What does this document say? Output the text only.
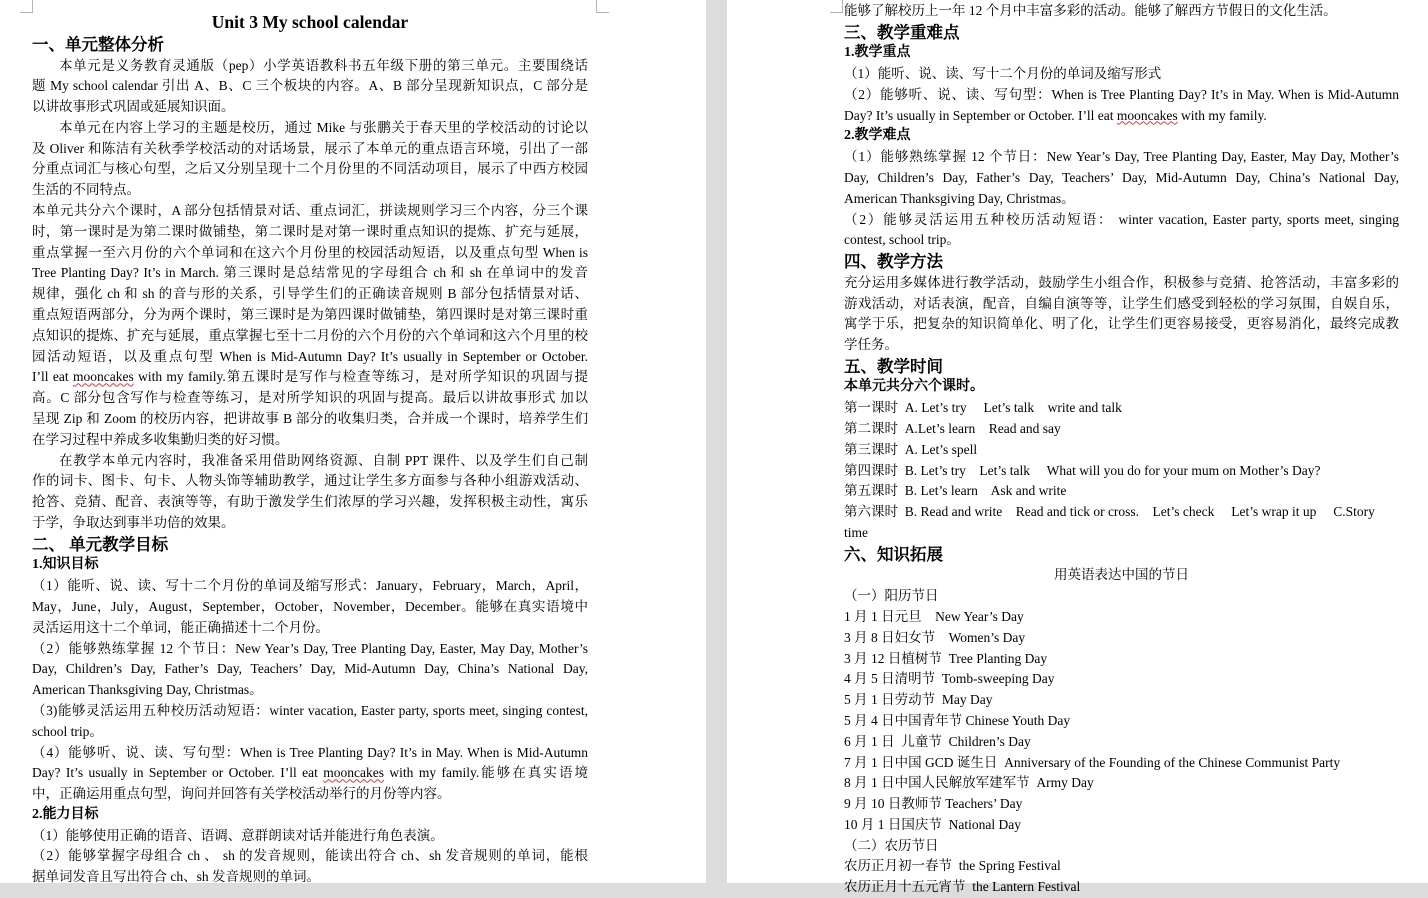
Unit 3 My school calendar
一、单元整体分析
本单元是义务教育灵通版（pep）小学英语教科书五年级下册的第三单元。主要围绕话
题 My school calendar 引出 A、B、C 三个板块的内容。A、B 部分呈现新知识点，C 部分是
以讲故事形式巩固或延展知识面。
本单元在内容上学习的主题是校历，通过 Mike 与张鹏关于春天里的学校活动的讨论以
及 Oliver 和陈洁有关秋季学校活动的对话场景，展示了本单元的重点语言环境，引出了一部
分重点词汇与核心句型，之后又分别呈现十二个月份里的不同活动项目，展示了中西方校园
生活的不同特点。
本单元共分六个课时，A 部分包括情景对话、重点词汇，拼读规则学习三个内容，分三个课
时，第一课时是为第二课时做铺垫，第二课时是对第一课时重点知识的提炼、扩充与延展，
重点掌握一至六月份的六个单词和在这六个月份里的校园活动短语，以及重点句型 When is
Tree Planting Day? It’s in March. 第三课时是总结常见的字母组合 ch 和 sh 在单词中的发音
规律，强化 ch 和 sh 的音与形的关系，引导学生们的正确读音规则 B 部分包括情景对话、
重点短语两部分，分为两个课时，第三课时是为第四课时做铺垫，第四课时是对第三课时重
点知识的提炼、扩充与延展，重点掌握七至十二月份的六个月份的六个单词和这六个月里的校
园活动短语，以及重点句型 When is Mid-Autumn Day? It’s usually in September or October.
I’ll eat mooncakes with my family.第五课时是写作与检查等练习，是对所学知识的巩固与提
高。C 部分包含写作与检查等练习，是对所学知识的巩固与提高。最后以讲故事形式 加以
呈现 Zip 和 Zoom 的校历内容，把讲故事 B 部分的收集归类，合并成一个课时，培养学生们
在学习过程中养成多收集勤归类的好习惯。
在教学本单元内容时，我准备采用借助网络资源、自制 PPT 课件、以及学生们自己制
作的词卡、图卡、句卡、人物头饰等辅助教学，通过让学生多方面参与各种小组游戏活动、
抢答、竞猜、配音、表演等等，有助于激发学生们浓厚的学习兴趣，发挥积极主动性，寓乐
于学，争取达到事半功倍的效果。
二、 单元教学目标
1.知识目标
（1）能听、说、读、写十二个月份的单词及缩写形式：January，February，March，April，
May，June，July，August，September，October，November，December。能够在真实语境中
灵活运用这十二个单词，能正确描述十二个月份。
（2）能够熟练掌握 12 个节日：New Year’s Day, Tree Planting Day, Easter, May Day, Mother’s
Day, Children’s Day, Father’s Day, Teachers’ Day, Mid-Autumn Day, China’s National Day,
American Thanksgiving Day, Christmas。
（3)能够灵活运用五种校历活动短语：winter vacation, Easter party, sports meet, singing contest,
school trip。
（4）能够听、说、读、写句型：When is Tree Planting Day? It’s in May. When is Mid-Autumn
Day? It’s usually in September or October. I’ll eat mooncakes with my family.能够在真实语境
中，正确运用重点句型，询问并回答有关学校活动举行的月份等内容。
2.能力目标
（1）能够使用正确的语音、语调、意群朗读对话并能进行角色表演。
（2）能够掌握字母组合 ch 、 sh 的发音规则，能读出符合 ch、sh 发音规则的单词，能根
据单词发音且写出符合 ch、sh 发音规则的单词。
能够了解校历上一年 12 个月中丰富多彩的活动。能够了解西方节假日的文化生活。
三、教学重难点
1.教学重点
（1）能听、说、读、写十二个月份的单词及缩写形式
（2）能够听、说、读、写句型：When is Tree Planting Day? It’s in May. When is Mid-Autumn
Day? It’s usually in September or October. I’ll eat mooncakes with my family.
2.教学难点
（1）能够熟练掌握 12 个节日：New Year’s Day, Tree Planting Day, Easter, May Day, Mother’s
Day, Children’s Day, Father’s Day, Teachers’ Day, Mid-Autumn Day, China’s National Day,
American Thanksgiving Day, Christmas。
（2）能够灵活运用五种校历活动短语： winter vacation, Easter party, sports meet, singing
contest, school trip。
四、教学方法
充分运用多媒体进行教学活动，鼓励学生小组合作，积极参与竞猜、抢答活动，丰富多彩的
游戏活动，对话表演，配音，自编自演等等，让学生们感受到轻松的学习氛围，自娱自乐，
寓学于乐，把复杂的知识简单化、明了化，让学生们更容易接受，更容易消化，最终完成教
学任务。
五、教学时间
本单元共分六个课时。
第一课时  A. Let’s try     Let’s talk    write and talk
第二课时  A.Let’s learn    Read and say
第三课时  A. Let’s spell
第四课时  B. Let’s try    Let’s talk     What will you do for your mum on Mother’s Day?
第五课时  B. Let’s learn    Ask and write
第六课时  B. Read and write    Read and tick or cross.    Let’s check     Let’s wrap it up     C.Story
time
六、知识拓展
用英语表达中国的节日
（一）阳历节日
1 月 1 日元旦    New Year’s Day
3 月 8 日妇女节    Women’s Day
3 月 12 日植树节  Tree Planting Day
4 月 5 日清明节  Tomb-sweeping Day
5 月 1 日劳动节  May Day
5 月 4 日中国青年节 Chinese Youth Day
6 月 1 日  儿童节  Children’s Day
7 月 1 日中国 GCD 诞生日  Anniversary of the Founding of the Chinese Communist Party
8 月 1 日中国人民解放军建军节  Army Day
9 月 10 日教师节 Teachers’ Day
10 月 1 日国庆节  National Day
（二）农历节日
农历正月初一春节  the Spring Festival
农历正月十五元宵节  the Lantern Festival
